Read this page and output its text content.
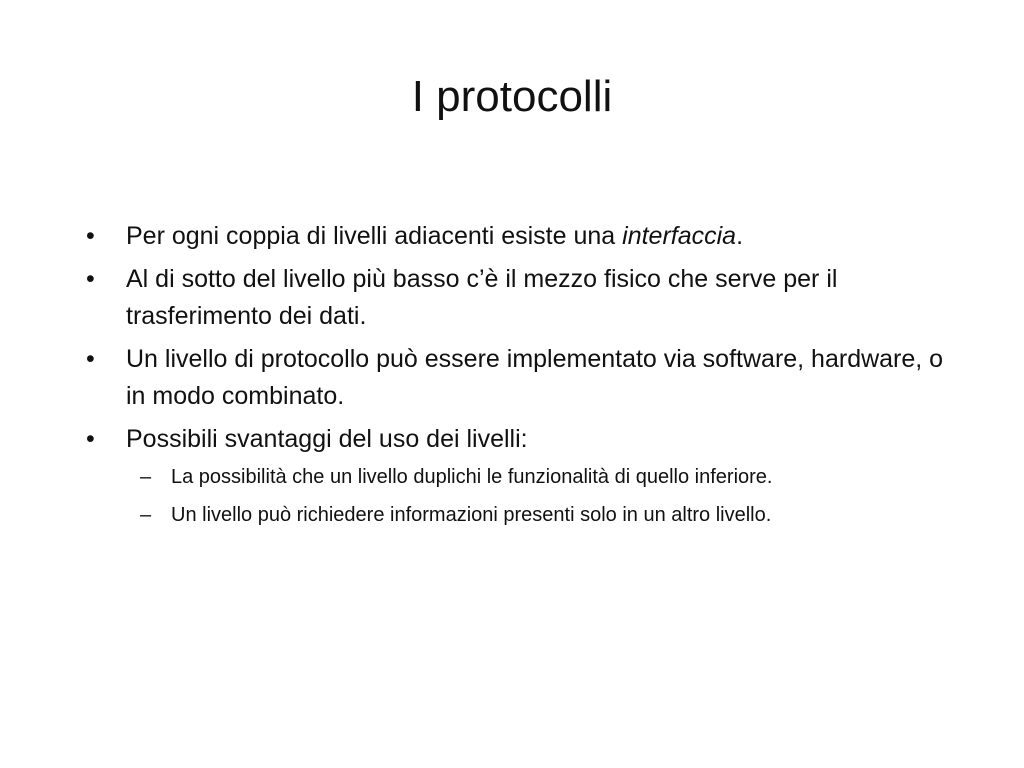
I protocolli
•	Per ogni coppia di livelli adiacenti esiste una interfaccia.
•	Al di sotto del livello più basso c’è il mezzo fisico che serve per il trasferimento dei dati.
•	Un livello di protocollo può essere implementato via software, hardware, o in modo combinato.
•	Possibili svantaggi del uso dei livelli:
– La possibilità che un livello duplichi le funzionalità di quello inferiore.
– Un livello può richiedere informazioni presenti solo in un altro livello.
